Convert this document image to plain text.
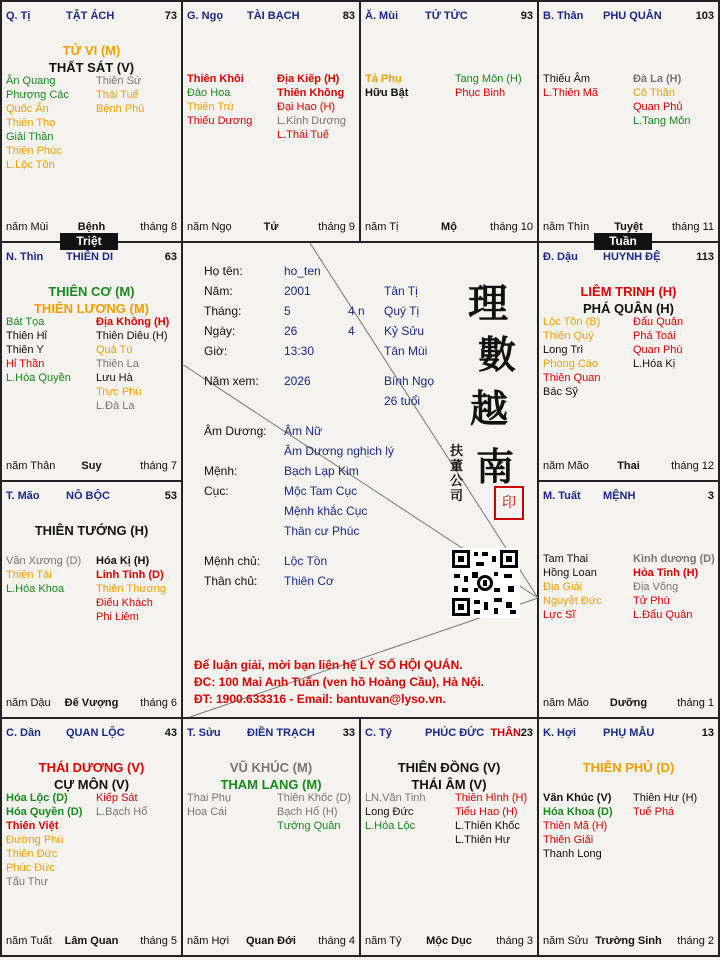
Q. Tị	TẬT ÁCH	73
TỬ VI (M)
THẤT SÁT (V)
Ân Quang
Phượng Các
Quốc Ấn
Thiên Thọ
Giải Thần
Thiên Phúc
L.Lộc Tồn
Thiên Sứ
Thái Tuế
Bệnh Phù
năm Mùi	Bệnh	tháng 8
G. Ngọ TÀI BẠCH	83
Thiên Khôi
Đào Hoa
Thiên Trù
Thiếu Dương
Địa Kiếp (H)
Thiên Không
Đại Hao (H)
L.Kinh Dương
L.Thái Tuế
năm Ngọ	Tử	tháng 9
Ă. Mùi TỬ TỨC	93
Tả Phụ
Hữu Bật
Tang Môn (H)
Phục Binh
năm Tị	Mộ	tháng 10
B. Thân PHU QUÂN	103
Thiếu Âm
L.Thiên Mã
Đà La (H)
Cô Thần
Quan Phủ
L.Tang Môn
năm Thìn	Tuyệt	tháng 11
N. Thìn THIÊN DI	63
THIÊN CƠ (M)
THIÊN LƯƠNG (M)
Bát Tọa
Thiên Hỉ
Thiên Y
Hỉ Thần
L.Hóa Quyền
Địa Không (H)
Thiên Diêu (H)
Quả Tú
Thiên La
Lưu Hà
Trực Phù
L.Đà La
năm Thân	Suy	tháng 7
Đ. Dậu HUYNH ĐỆ	113
LIÊM TRINH (H)
PHÁ QUÂN (H)
Lộc Tồn (B)
Thiên Quý
Long Trì
Phong Cáo
Thiên Quan
Bác Sỹ
Đẩu Quân
Phá Toái
Quan Phù
L.Hóa Kị
năm Mão	Thai	tháng 12
T. Mão NÔ BỘC	53
THIÊN TƯỚNG (H)
Văn Xương (D)
Thiên Tài
L.Hóa Khoa
Hóa Kị (H)
Linh Tinh (D)
Thiên Thương
Điếu Khách
Phi Liêm
năm Dậu	Đế Vượng	tháng 6
M. Tuất MỆNH	3
Tam Thai
Hồng Loan
Địa Giải
Nguyệt Đức
Lực Sĩ
Kình dương (D)
Hỏa Tinh (H)
Địa Võng
Tử Phù
L.Đẩu Quân
năm Mão	Dưỡng	tháng 1
C. Dần QUAN LỘC	43
THÁI DƯƠNG (V)
CỰ MÔN (V)
Hóa Lộc (D)
Hóa Quyền (D)
Thiên Việt
Đường Phù
Thiên Đức
Phúc Đức
Tấu Thư
Kiếp Sát
L.Bạch Hổ
năm Tuất	Lâm Quan	tháng 5
T. Sửu ĐIỀN TRẠCH	33
VŨ KHÚC (M)
THAM LANG (M)
Thai Phụ
Hoa Cái
Thiên Khốc (D)
Bạch Hổ (H)
Tướng Quân
năm Hợi	Quan Đới	tháng 4
C. Tý	PHÚC ĐỨC	23
THÂN
THIÊN ĐỒNG (V)
THÁI ÂM (V)
LN.Văn Tinh
Long Đức
L.Hóa Lộc
Thiên Hình (H)
Tiểu Hao (H)
L.Thiên Khốc
L.Thiên Hư
năm Tý	Mộc Dục	tháng 3
K. Hợi PHỤ MẪU	13
THIÊN PHỦ (D)
Văn Khúc (V)
Hóa Khoa (D)
Thiên Mã (H)
Thiên Giải
Thanh Long
Thiên Hư (H)
Tuế Phá
năm Sửu Trường Sinh	tháng 2
Triệt	Tuần
Họ tên:	ho_ten
Năm:	2001	Tân Tị
Tháng:	5	4 n Quý Tị
Ngày:	26	4 Kỷ Sửu
Giờ:	13:30	Tân Mùi
Năm xem: 2026	Bính Ngọ
26 tuổi
Âm Dương: Âm Nữ
Âm Dương nghịch lý
Mệnh:	Bạch Lạp Kim
Cục:	Mộc Tam Cục
Mệnh khắc Cục
Thân cư Phúc
Mệnh chủ: Lộc Tồn
Thân chủ: Thiên Cơ
理
數
越
南
扶董公司	印
Để luận giải, mời bạn liên hệ LÝ SỐ HỘI QUÁN.
ĐC: 100 Mai Anh Tuấn (ven hồ Hoàng Cầu), Hà Nội.
ĐT: 1900.633316 - Email: bantuvan@lyso.vn.
